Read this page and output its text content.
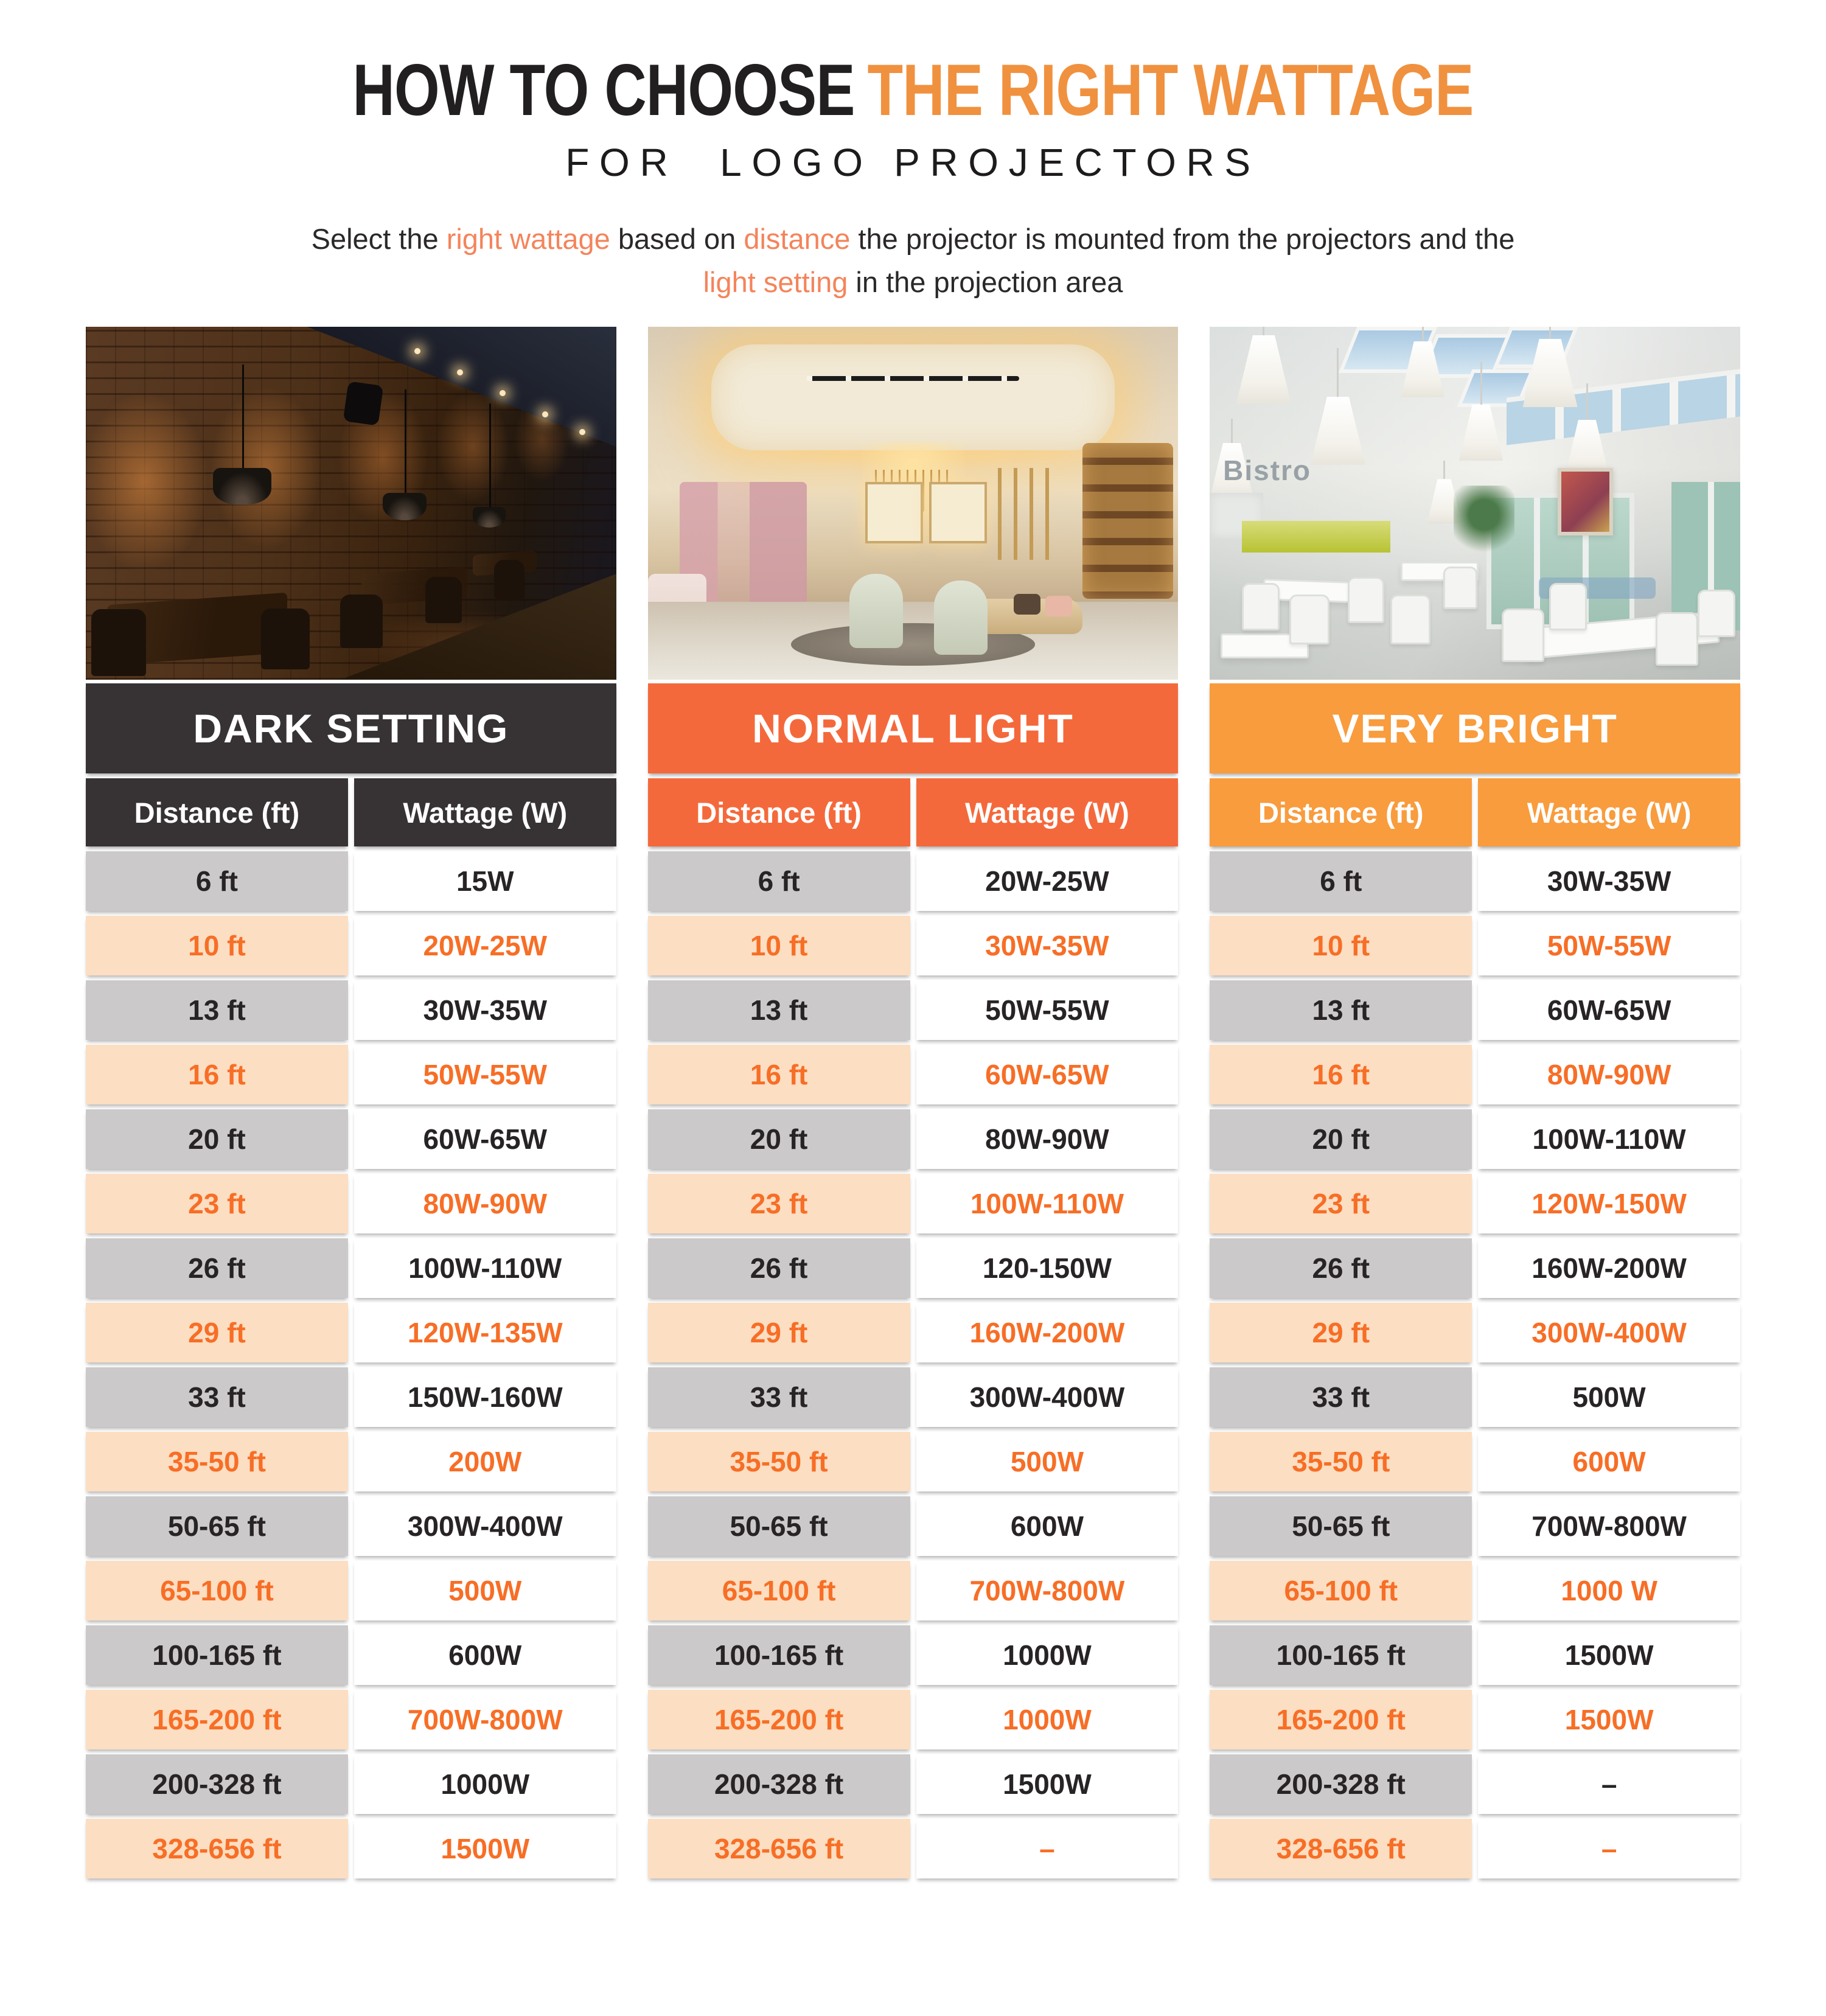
HOW TO CHOOSE THE RIGHT WATTAGE
FOR  LOGO PROJECTORS

Select the right wattage based on distance the projector is mounted from the projectors and the
light setting in the projection area

DARK SETTING
Distance (ft)	Wattage (W)
6 ft	15W
10 ft	20W-25W
13 ft	30W-35W
16 ft	50W-55W
20 ft	60W-65W
23 ft	80W-90W
26 ft	100W-110W
29 ft	120W-135W
33 ft	150W-160W
35-50 ft	200W
50-65 ft	300W-400W
65-100 ft	500W
100-165 ft	600W
165-200 ft	700W-800W
200-328 ft	1000W
328-656 ft	1500W
NORMAL LIGHT
Distance (ft)	Wattage (W)
6 ft	20W-25W
10 ft	30W-35W
13 ft	50W-55W
16 ft	60W-65W
20 ft	80W-90W
23 ft	100W-110W
26 ft	120-150W
29 ft	160W-200W
33 ft	300W-400W
35-50 ft	500W
50-65 ft	600W
65-100 ft	700W-800W
100-165 ft	1000W
165-200 ft	1000W
200-328 ft	1500W
328-656 ft	–
Bistro
VERY BRIGHT
Distance (ft)	Wattage (W)
6 ft	30W-35W
10 ft	50W-55W
13 ft	60W-65W
16 ft	80W-90W
20 ft	100W-110W
23 ft	120W-150W
26 ft	160W-200W
29 ft	300W-400W
33 ft	500W
35-50 ft	600W
50-65 ft	700W-800W
65-100 ft	1000 W
100-165 ft	1500W
165-200 ft	1500W
200-328 ft	–
328-656 ft	–
